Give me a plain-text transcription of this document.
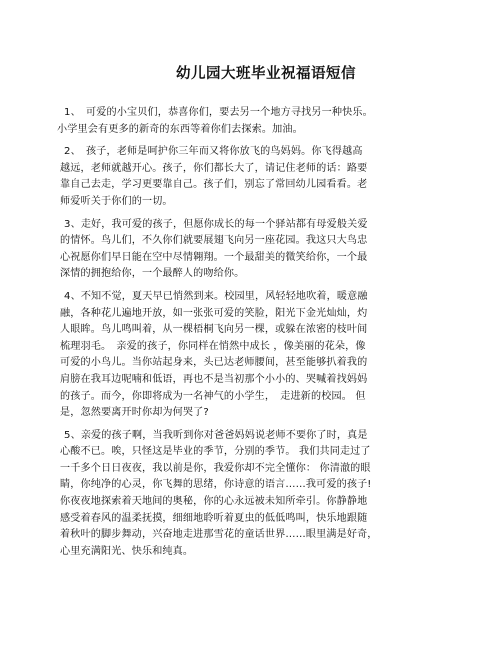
幼儿园大班毕业祝福语短信
1、　可爱的小宝贝们，恭喜你们，要去另一个地方寻找另一种快乐。
小学里会有更多的新奇的东西等着你们去探索。加油。
2、　孩子，老师是呵护你三年而又将你放飞的鸟妈妈。你飞得越高
越远，老师就越开心。孩子，你们都长大了，请记住老师的话：路要
靠自己去走，学习更要靠自己。孩子们，别忘了常回幼儿园看看。老
师爱听关于你们的一切。
3、走好，我可爱的孩子，但愿你成长的每一个驿站都有母爱般关爱
的情怀。鸟儿们，不久你们就要展翅飞向另一座花园。我这只大鸟忠
心祝愿你们早日能在空中尽情翱翔。一个最甜美的微笑给你，一个最
深情的拥抱给你，一个最醉人的吻给你。
4、不知不觉，夏天早已悄然到来。校园里，风轻轻地吹着，暖意融
融，各种花儿遍地开放，如一张张可爱的笑脸，阳光下金光灿灿，灼
人眼眸。鸟儿鸣叫着，从一棵梧桐飞向另一棵，或躲在浓密的枝叶间
梳理羽毛。　亲爱的孩子，你同样在悄然中成长 ，像美丽的花朵，像
可爱的小鸟儿。当你站起身来，头已达老师腰间，甚至能够扒着我的
肩膀在我耳边呢喃和低语，再也不是当初那个小小的、哭喊着找妈妈
的孩子。而今，你即将成为一名神气的小学生，　走进新的校园。 但
是，忽然要离开时你却为何哭了?
5、亲爱的孩子啊，当我听到你对爸爸妈妈说老师不要你了时，真是
心酸不已。唉，只怪这是毕业的季节，分别的季节。 我们共同走过了
一千多个日日夜夜，我以前是你，我爱你却不完全懂你： 你清澈的眼
睛，你纯净的心灵，你飞舞的思绪，你诗意的语言……我可爱的孩子!
你夜夜地探索着天地间的奥秘，你的心永远被未知所牵引。你静静地
感受着春风的温柔抚摸，细细地聆听着夏虫的低低鸣叫，快乐地跟随
着秋叶的脚步舞动，兴奋地走进那雪花的童话世界……眼里满是好奇，
心里充满阳光、快乐和纯真。
